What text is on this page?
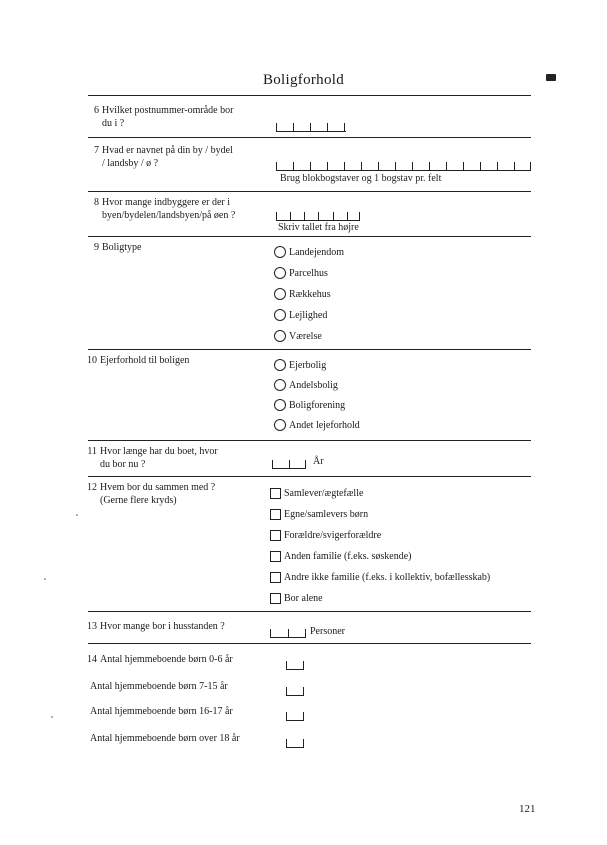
Boligforhold
6 Hvilket postnummer-område bor
du i ?
7 Hvad er navnet på din by / bydel
/ landsby / ø ?
Brug blokbogstaver og 1 bogstav pr. felt
8 Hvor mange indbyggere er der i
byen/bydelen/landsbyen/på øen ?
Skriv tallet fra højre
9 Boligtype	Landejendom
Parcelhus
Rækkehus
Lejlighed
Værelse
10 Ejerforhold til boligen	Ejerbolig
Andelsbolig
Boligforening
Andet lejeforhold
11 Hvor længe har du boet, hvor
du bor nu ?	År
12 Hvem bor du sammen med ?
(Gerne flere kryds)
Samlever/ægtefælle
Egne/samlevers børn
Forældre/svigerforældre
Anden familie (f.eks. søskende)
Andre ikke familie (f.eks. i kollektiv, bofællesskab)
Bor alene
13 Hvor mange bor i husstanden ?	Personer
14 Antal hjemmeboende børn 0-6 år
Antal hjemmeboende børn 7-15 år
Antal hjemmeboende børn 16-17 år
Antal hjemmeboende børn over 18 år
121
